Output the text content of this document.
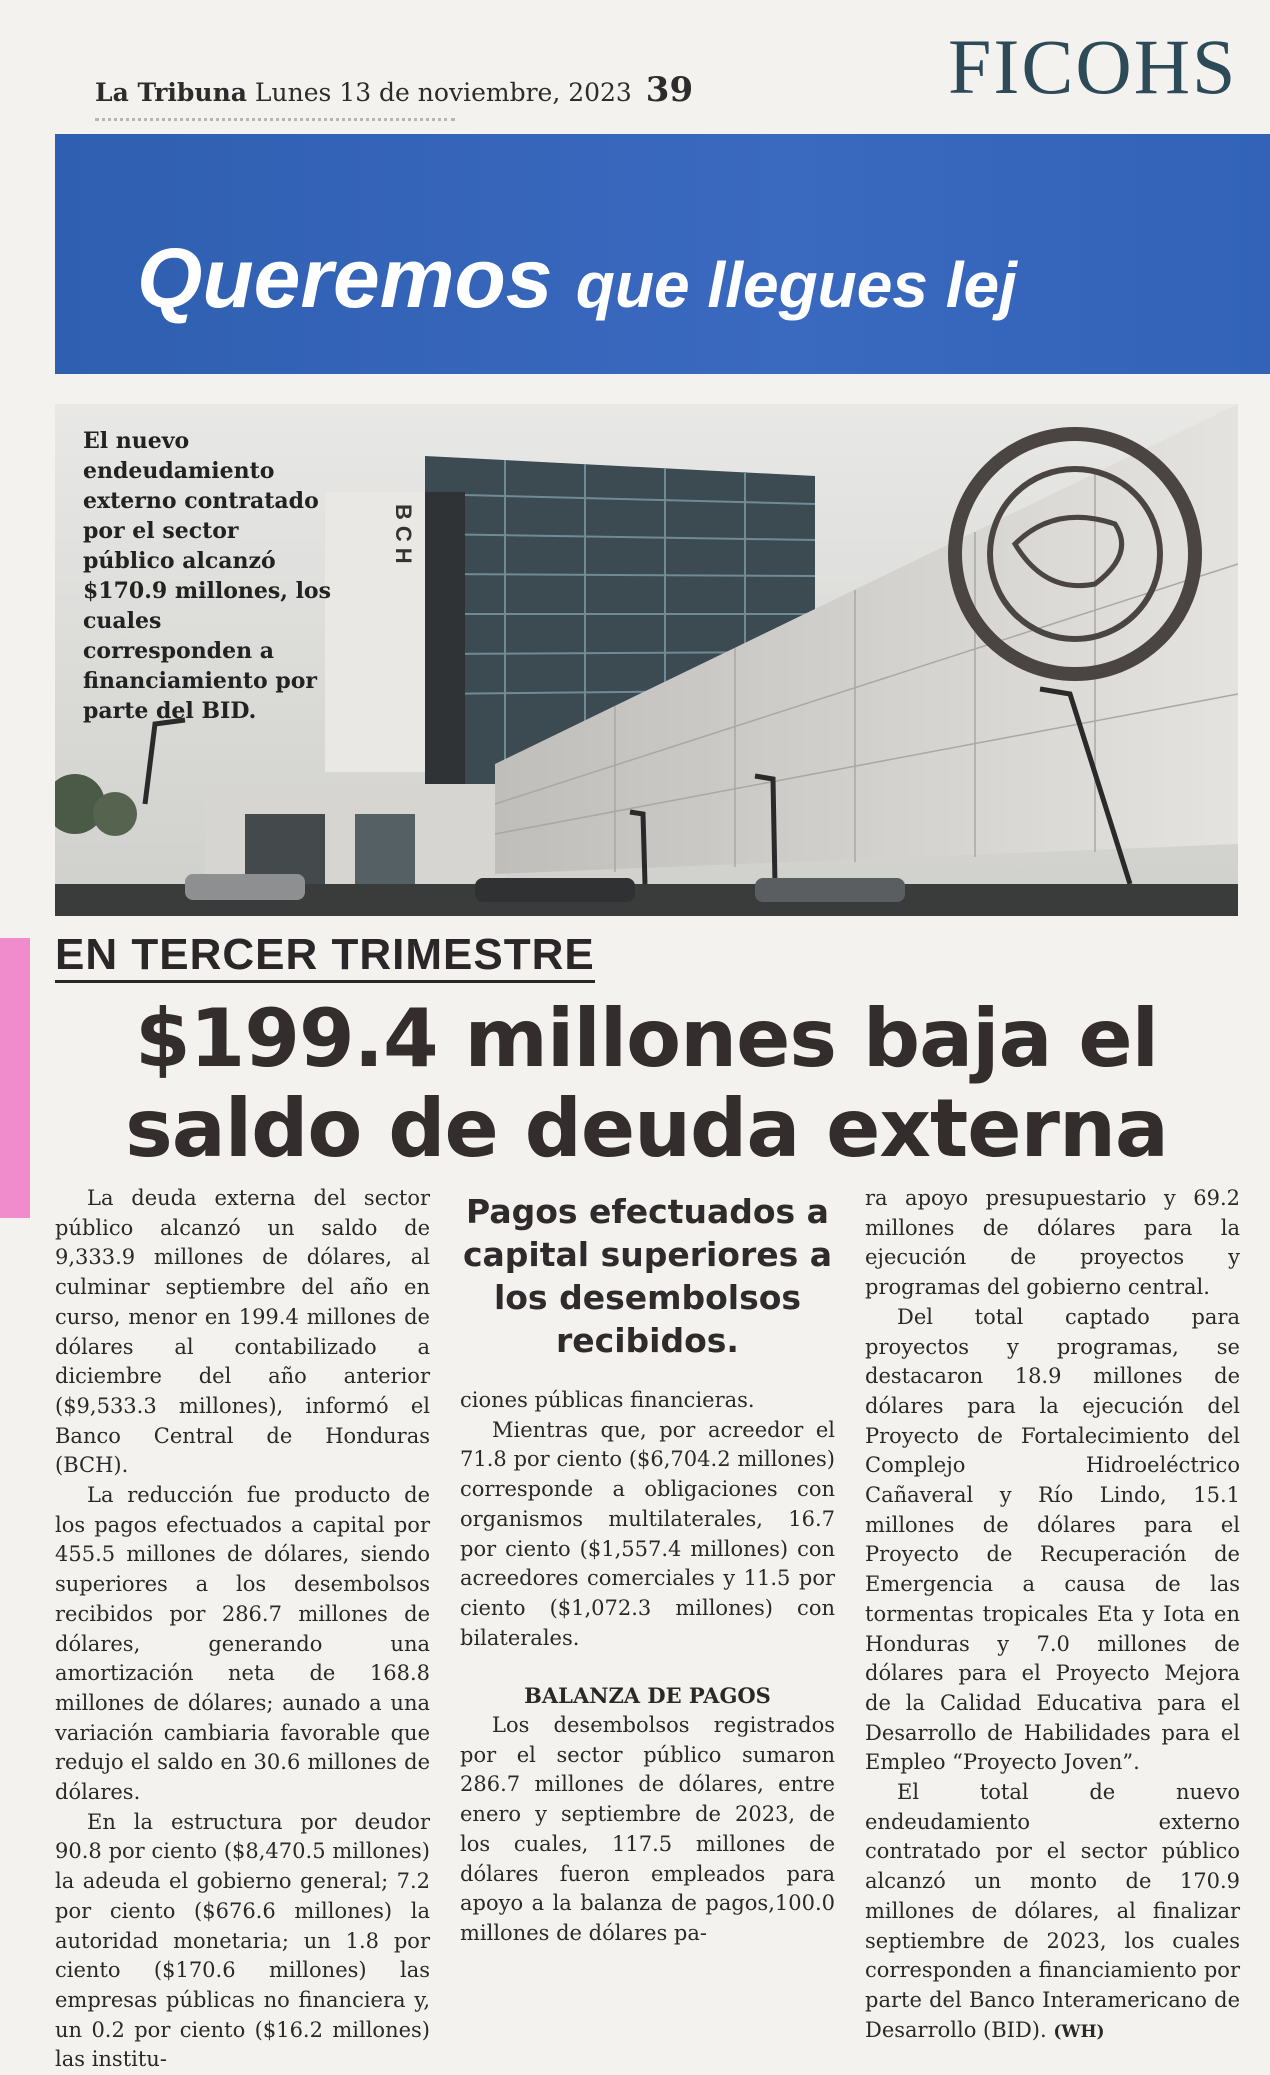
La Tribuna Lunes 13 de noviembre, 2023 39	FICOHS
Queremos que llegues lej
BCH
El nuevo endeudamiento externo contratado por el sector público alcanzó $170.9 millones, los cuales corresponden a financiamiento por parte del BID.
EN TERCER TRIMESTRE
$199.4 millones baja el
saldo de deuda externa

La deuda externa del sector público alcanzó un saldo de 9,333.9 millones de dólares, al culminar septiembre del año en curso, menor en 199.4 millones de dólares al contabilizado a diciembre del año anterior ($9,533.3 millones), informó el Banco Central de Honduras (BCH).

La reducción fue producto de los pagos efectuados a capital por 455.5 millones de dólares, siendo superiores a los desembolsos recibidos por 286.7 millones de dólares, generando una amortización neta de 168.8 millones de dólares; aunado a una variación cambiaria favorable que redujo el saldo en 30.6 millones de dólares.

En la estructura por deudor 90.8 por ciento ($8,470.5 millones) la adeuda el gobierno general; 7.2 por ciento ($676.6 millones) la autoridad monetaria; un 1.8 por ciento ($170.6 millones) las empresas públicas no financiera y, un 0.2 por ciento ($16.2 millones) las institu-

Pagos efectuados a capital superiores a los desembolsos recibidos.

ciones públicas financieras.

Mientras que, por acreedor el 71.8 por ciento ($6,704.2 millones) corresponde a obligaciones con organismos multilaterales, 16.7 por ciento ($1,557.4 millones) con acreedores comerciales y 11.5 por ciento ($1,072.3 millones) con bilaterales.

BALANZA DE PAGOS

Los desembolsos registrados por el sector público sumaron 286.7 millones de dólares, entre enero y septiembre de 2023, de los cuales, 117.5 millones de dólares fueron empleados para apoyo a la balanza de pagos,100.0 millones de dólares pa-

ra apoyo presupuestario y 69.2 millones de dólares para la ejecución de proyectos y programas del gobierno central.

Del total captado para proyectos y programas, se destacaron 18.9 millones de dólares para la ejecución del Proyecto de Fortalecimiento del Complejo Hidroeléctrico Cañaveral y Río Lindo, 15.1 millones de dólares para el Proyecto de Recuperación de Emergencia a causa de las tormentas tropicales Eta y Iota en Honduras y 7.0 millones de dólares para el Proyecto Mejora de la Calidad Educativa para el Desarrollo de Habilidades para el Empleo “Proyecto Joven”.

El total de nuevo endeudamiento externo contratado por el sector público alcanzó un monto de 170.9 millones de dólares, al finalizar septiembre de 2023, los cuales corresponden a financiamiento por parte del Banco Interamericano de Desarrollo (BID). (WH)
